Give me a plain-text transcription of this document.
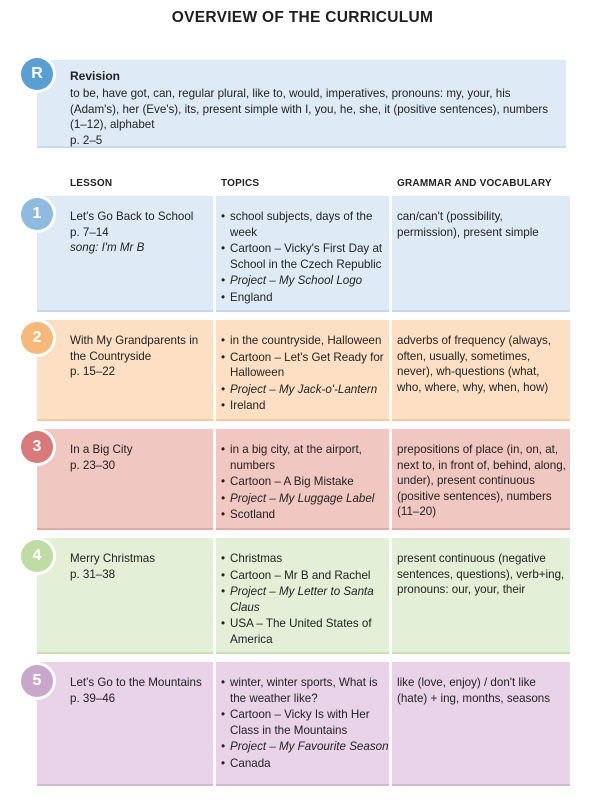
OVERVIEW OF THE CURRICULUM
Revision
to be, have got, can, regular plural, like to, would, imperatives, pronouns: my, your, his (Adam's), her (Eve's), its, present simple with I, you, he, she, it (positive sentences), numbers (1–12), alphabet
p. 2–5
R
LESSON	TOPICS	GRAMMAR AND VOCABULARY
Let's Go Back to School
p. 7–14
song: I'm Mr B
• school subjects, days of the week
• Cartoon – Vicky's First Day at School in the Czech Republic
• Project – My School Logo
• England
can/can't (possibility, permission), present simple
1
With My Grandparents in the Countryside
p. 15–22
• in the countryside, Halloween
• Cartoon – Let's Get Ready for Halloween
• Project – My Jack-o'-Lantern
• Ireland
adverbs of frequency (always, often, usually, sometimes, never), wh-questions (what, who, where, why, when, how)
2
In a Big City
p. 23–30
• in a big city, at the airport, numbers
• Cartoon – A Big Mistake
• Project – My Luggage Label
• Scotland
prepositions of place (in, on, at, next to, in front of, behind, along, under), present continuous (positive sentences), numbers (11–20)
3
Merry Christmas
p. 31–38
• Christmas
• Cartoon – Mr B and Rachel
• Project – My Letter to Santa Claus
• USA – The United States of America
present continuous (negative sentences, questions), verb+ing, pronouns: our, your, their
4
Let's Go to the Mountains
p. 39–46
• winter, winter sports, What is the weather like?
• Cartoon – Vicky Is with Her Class in the Mountains
• Project – My Favourite Season
• Canada
like (love, enjoy) / don't like (hate) + ing, months, seasons
5
